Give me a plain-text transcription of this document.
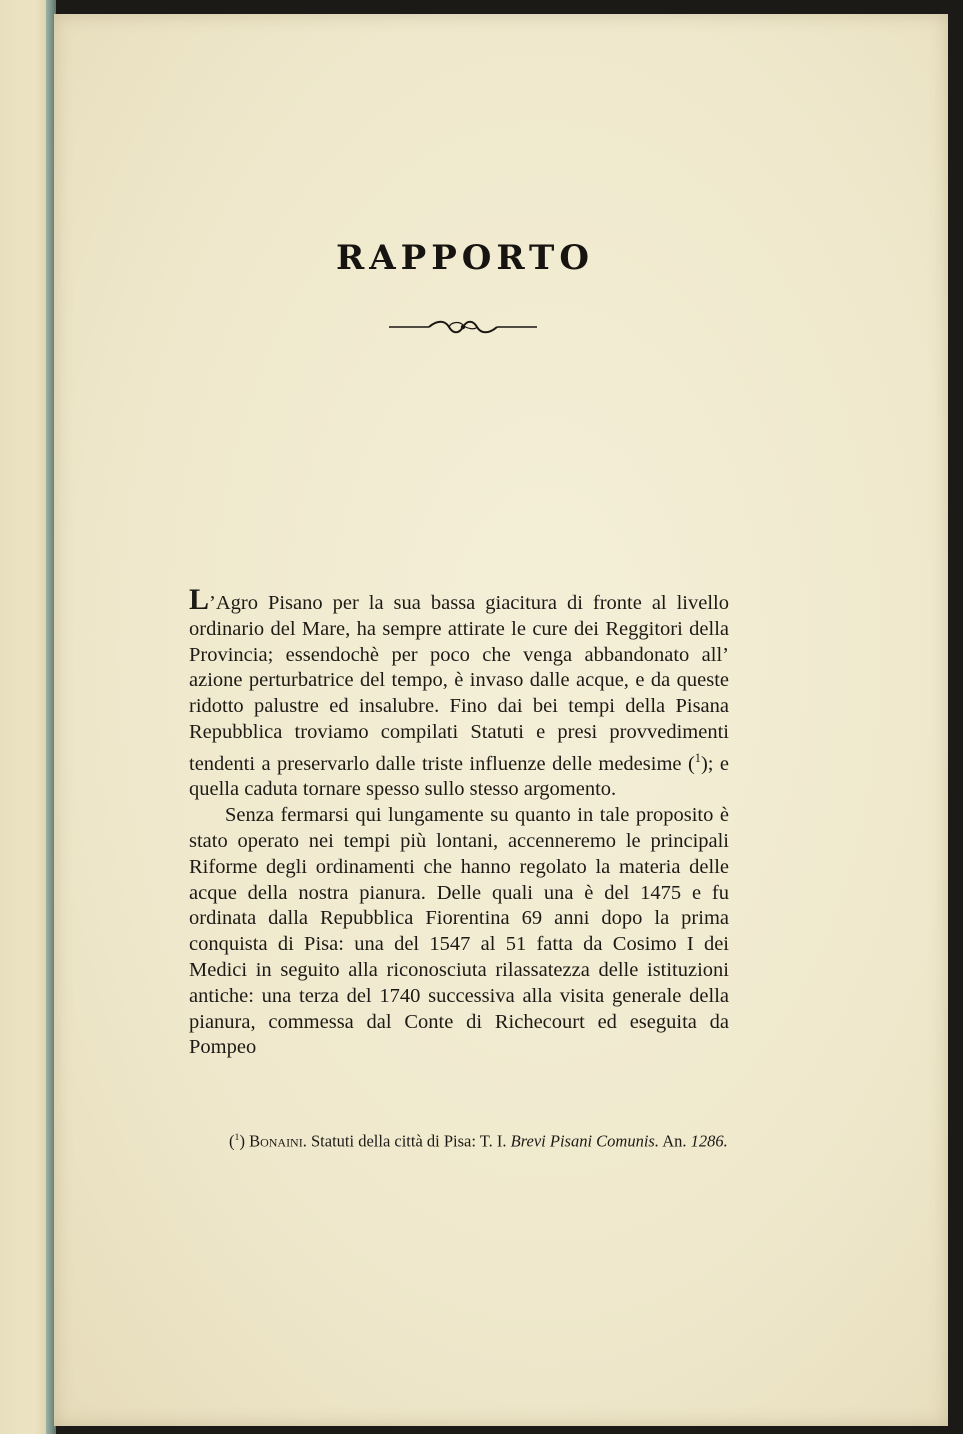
RAPPORTO

L’Agro Pisano per la sua bassa giacitura di fronte al livello ordinario del Mare, ha sempre attirate le cure dei Reggitori della Provincia; essendochè per poco che venga abbandonato all’ azione perturbatrice del tempo, è invaso dalle acque, e da queste ridotto palustre ed insalubre. Fino dai bei tempi della Pisana Repubblica troviamo compilati Statuti e presi provvedimenti tendenti a preservarlo dalle triste influenze delle medesime ($^1$); e quella caduta tornare spesso sullo stesso argomento.

Senza fermarsi qui lungamente su quanto in tale proposito è stato operato nei tempi più lontani, accenneremo le principali Riforme degli ordinamenti che hanno regolato la materia delle acque della nostra pianura. Delle quali una è del 1475 e fu ordinata dalla Repubblica Fiorentina 69 anni dopo la prima conquista di Pisa: una del 1547 al 51 fatta da Cosimo I dei Medici in seguito alla riconosciuta rilassatezza delle istituzioni antiche: una terza del 1740 successiva alla visita generale della pianura, commessa dal Conte di Richecourt ed eseguita da Pompeo

($^1$) Bonaini. Statuti della città di Pisa: T. I. Brevi Pisani Comunis. An. 1286.
